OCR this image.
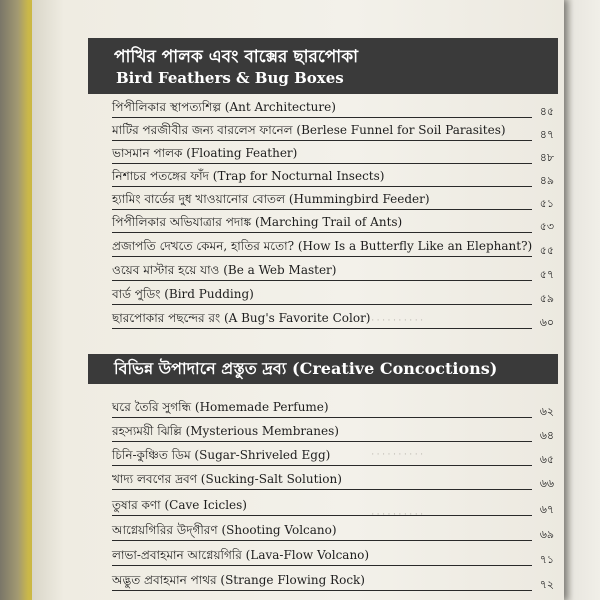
· · · · · · · · · ·
· · · · · · · · · ·
· · · · · · · · · ·
পাখির পালক এবং বাক্সের ছারপোকা
Bird Feathers & Bug Boxes
পিপীলিকার স্থাপত্যশিল্প (Ant Architecture)	৪৫
মাটির পরজীবীর জন্য বারলেস ফানেল (Berlese Funnel for Soil Parasites)	৪৭
ভাসমান পালক (Floating Feather)	৪৮
নিশাচর পতঙ্গের ফাঁদ (Trap for Nocturnal Insects)	৪৯
হ্যামিং বার্ডের দুধ খাওয়ানোর বোতল (Hummingbird Feeder)	৫১
পিপীলিকার অভিযাত্রার পদাঙ্ক (Marching Trail of Ants)	৫৩
প্রজাপতি দেখতে কেমন, হাতির মতো? (How Is a Butterfly Like an Elephant?) ৫৫
ওয়েব মাস্টার হয়ে যাও (Be a Web Master)	৫৭
বার্ড পুডিং (Bird Pudding)	৫৯
ছারপোকার পছন্দের রং (A Bug's Favorite Color)	৬০
বিভিন্ন উপাদানে প্রস্তুত দ্রব্য (Creative Concoctions)
ঘরে তৈরি সুগন্ধি (Homemade Perfume)	৬২
রহস্যময়ী ঝিল্লি (Mysterious Membranes)	৬৪
চিনি-কুঞ্চিত ডিম (Sugar-Shriveled Egg)	৬৫
খাদ্য লবণের দ্রবণ (Sucking-Salt Solution)	৬৬
তুষার কণা (Cave Icicles)	৬৭
আগ্নেয়গিরির উদ্‌গীরণ (Shooting Volcano)	৬৯
লাভা-প্রবাহমান আগ্নেয়গিরি (Lava-Flow Volcano)	৭১
অদ্ভুত প্রবাহমান পাথর (Strange Flowing Rock)	৭২
